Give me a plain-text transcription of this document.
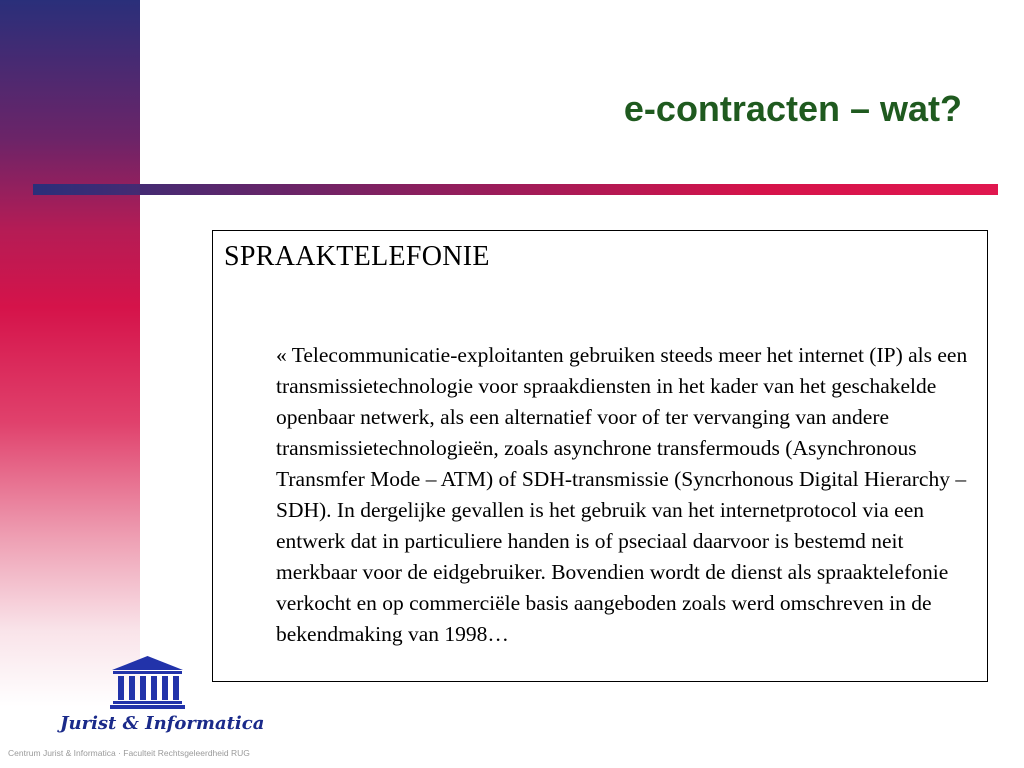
e-contracten – wat?
SPRAAKTELEFONIE

« Telecommunicatie-exploitanten gebruiken steeds meer het internet (IP) als een transmissietechnologie voor spraakdiensten in het kader van het geschakelde openbaar netwerk, als een alternatief voor of ter vervanging van andere transmissietechnologieën, zoals asynchrone transfermouds (Asynchronous Transmfer Mode – ATM) of SDH-transmissie (Syncrhonous Digital Hierarchy – SDH). In dergelijke gevallen is het gebruik van het internetprotocol via een entwerk dat in particuliere handen is of pseciaal daarvoor is bestemd neit merkbaar voor de eidgebruiker. Bovendien wordt de dienst als spraaktelefonie verkocht en op commerciële basis aangeboden zoals werd omschreven in de bekendmaking van 1998…

Jurist & Informatica
Centrum Jurist & Informatica · Faculteit Rechtsgeleerdheid RUG
